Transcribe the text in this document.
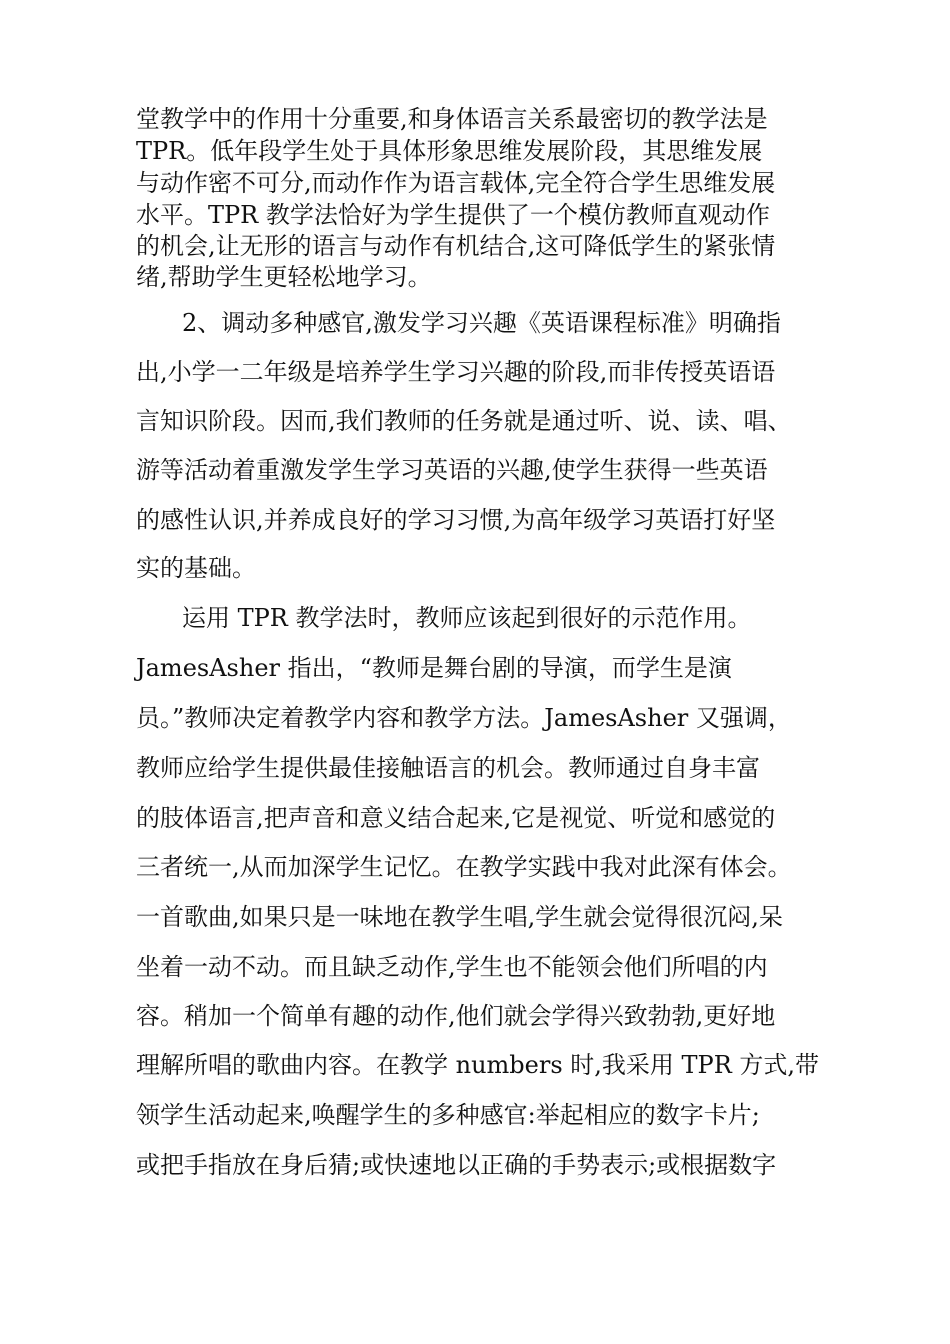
堂教学中的作用十分重要,和身体语言关系最密切的教学法是
TPR。低年段学生处于具体形象思维发展阶段，其思维发展
与动作密不可分,而动作作为语言载体,完全符合学生思维发展
水平。TPR 教学法恰好为学生提供了一个模仿教师直观动作
的机会,让无形的语言与动作有机结合,这可降低学生的紧张情
绪,帮助学生更轻松地学习。
2、调动多种感官,激发学习兴趣《英语课程标准》明确指
出,小学一二年级是培养学生学习兴趣的阶段,而非传授英语语
言知识阶段。因而,我们教师的任务就是通过听、说、读、唱、
游等活动着重激发学生学习英语的兴趣,使学生获得一些英语
的感性认识,并养成良好的学习习惯,为高年级学习英语打好坚
实的基础。
运用 TPR 教学法时，教师应该起到很好的示范作用。
JamesAsher 指出，“教师是舞台剧的导演，而学生是演
员。”教师决定着教学内容和教学方法。JamesAsher 又强调，
教师应给学生提供最佳接触语言的机会。教师通过自身丰富
的肢体语言,把声音和意义结合起来,它是视觉、听觉和感觉的
三者统一,从而加深学生记忆。在教学实践中我对此深有体会。
一首歌曲,如果只是一味地在教学生唱,学生就会觉得很沉闷,呆
坐着一动不动。而且缺乏动作,学生也不能领会他们所唱的内
容。稍加一个简单有趣的动作,他们就会学得兴致勃勃,更好地
理解所唱的歌曲内容。在教学 numbers 时,我采用 TPR 方式,带
领学生活动起来,唤醒学生的多种感官:举起相应的数字卡片;
或把手指放在身后猜;或快速地以正确的手势表示;或根据数字
